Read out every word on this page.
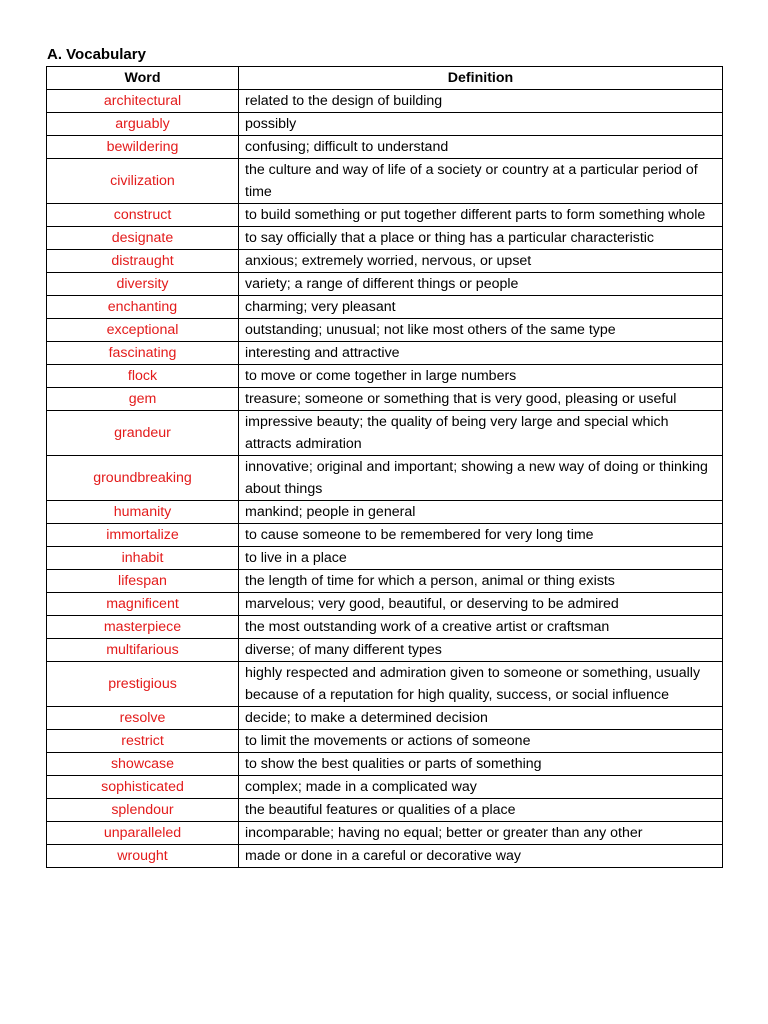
A. Vocabulary
Word	Definition
architectural	related to the design of building
arguably	possibly
bewildering	confusing; difficult to understand
civilization	the culture and way of life of a society or country at a particular period of time
construct	to build something or put together different parts to form something whole
designate	to say officially that a place or thing has a particular characteristic
distraught	anxious; extremely worried, nervous, or upset
diversity	variety; a range of different things or people
enchanting	charming; very pleasant
exceptional	outstanding; unusual; not like most others of the same type
fascinating	interesting and attractive
flock	to move or come together in large numbers
gem	treasure; someone or something that is very good, pleasing or useful
grandeur	impressive beauty; the quality of being very large and special which attracts admiration
groundbreaking	innovative; original and important; showing a new way of doing or thinking about things
humanity	mankind; people in general
immortalize	to cause someone to be remembered for very long time
inhabit	to live in a place
lifespan	the length of time for which a person, animal or thing exists
magnificent	marvelous; very good, beautiful, or deserving to be admired
masterpiece	the most outstanding work of a creative artist or craftsman
multifarious	diverse; of many different types
prestigious	highly respected and admiration given to someone or something, usually because of a reputation for high quality, success, or social influence
resolve	decide; to make a determined decision
restrict	to limit the movements or actions of someone
showcase	to show the best qualities or parts of something
sophisticated	complex; made in a complicated way
splendour	the beautiful features or qualities of a place
unparalleled	incomparable; having no equal; better or greater than any other
wrought	made or done in a careful or decorative way
